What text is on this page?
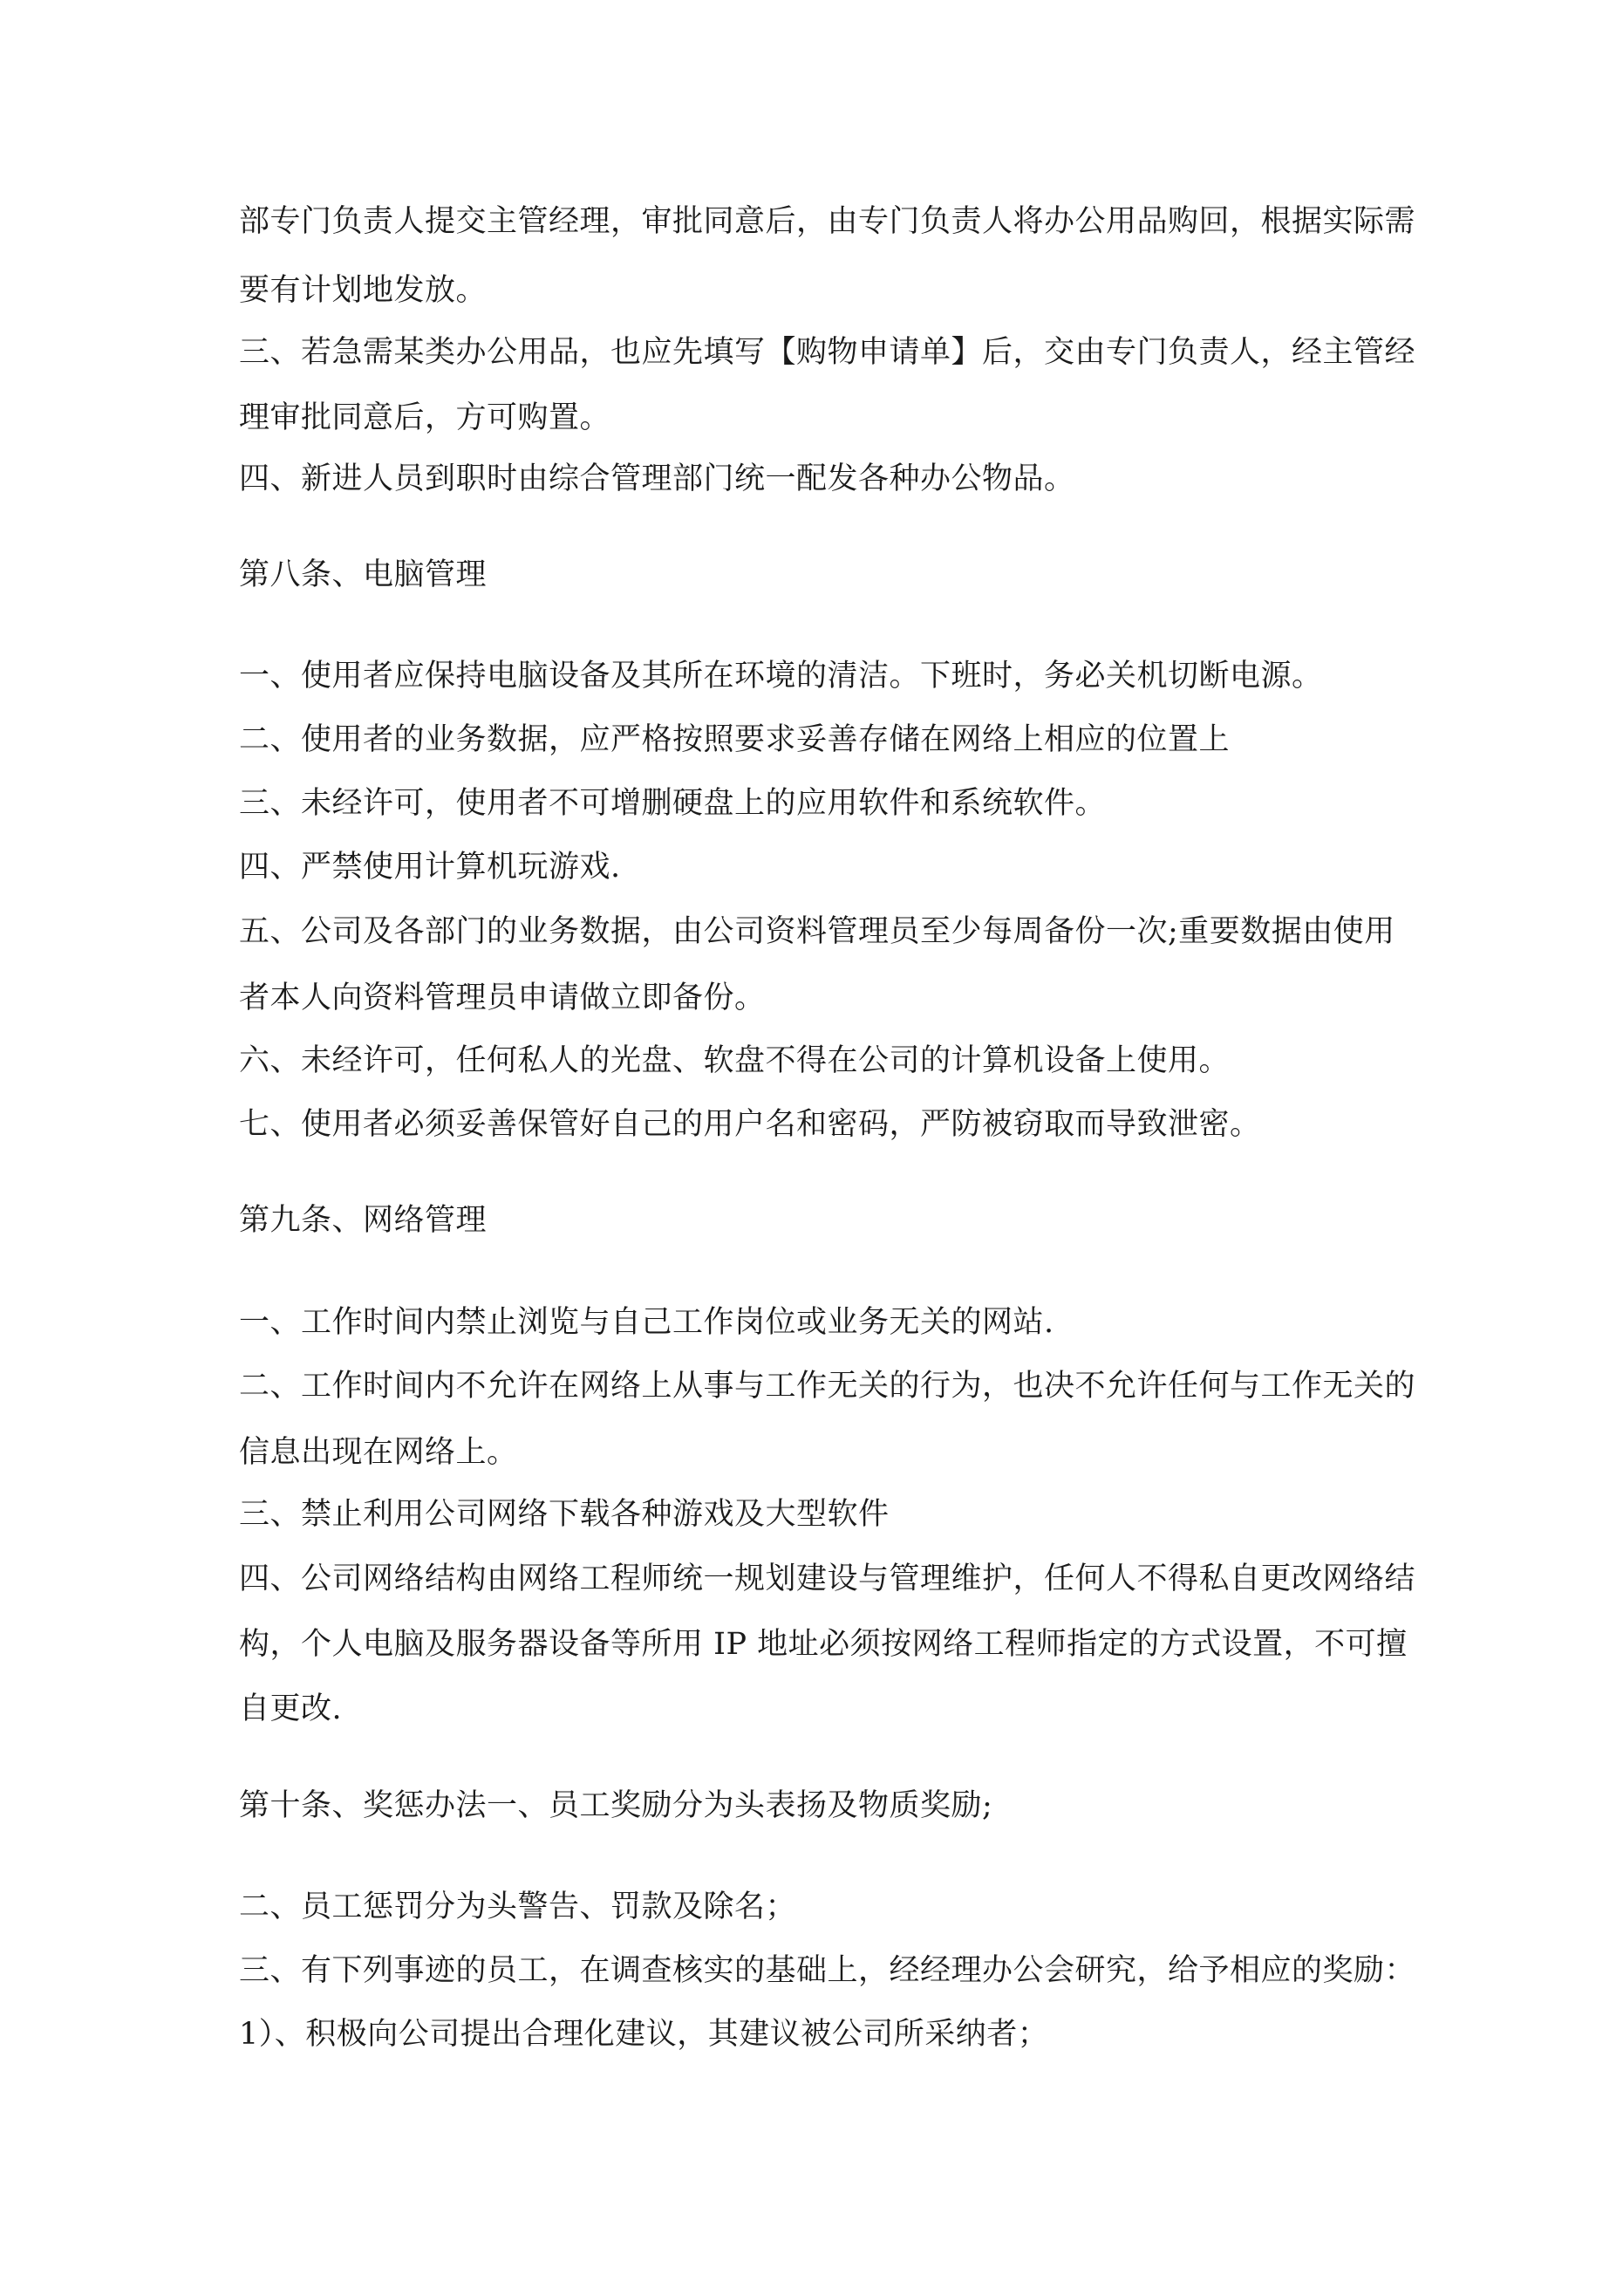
部专门负责人提交主管经理，审批同意后，由专门负责人将办公用品购回，根据实际需
要有计划地发放。
三、若急需某类办公用品，也应先填写【购物申请单】后，交由专门负责人，经主管经
理审批同意后，方可购置。
四、新进人员到职时由综合管理部门统一配发各种办公物品。
第八条、电脑管理
一、使用者应保持电脑设备及其所在环境的清洁。下班时，务必关机切断电源。
二、使用者的业务数据，应严格按照要求妥善存储在网络上相应的位置上
三、未经许可，使用者不可增删硬盘上的应用软件和系统软件。
四、严禁使用计算机玩游戏.
五、公司及各部门的业务数据，由公司资料管理员至少每周备份一次;重要数据由使用
者本人向资料管理员申请做立即备份。
六、未经许可，任何私人的光盘、软盘不得在公司的计算机设备上使用。
七、使用者必须妥善保管好自己的用户名和密码，严防被窃取而导致泄密。
第九条、网络管理
一、工作时间内禁止浏览与自己工作岗位或业务无关的网站.
二、工作时间内不允许在网络上从事与工作无关的行为，也决不允许任何与工作无关的
信息出现在网络上。
三、禁止利用公司网络下载各种游戏及大型软件
四、公司网络结构由网络工程师统一规划建设与管理维护，任何人不得私自更改网络结
构，个人电脑及服务器设备等所用 IP 地址必须按网络工程师指定的方式设置，不可擅
自更改.
第十条、奖惩办法一、员工奖励分为头表扬及物质奖励;
二、员工惩罚分为头警告、罚款及除名；
三、有下列事迹的员工，在调查核实的基础上，经经理办公会研究，给予相应的奖励：
1）、积极向公司提出合理化建议，其建议被公司所采纳者；
